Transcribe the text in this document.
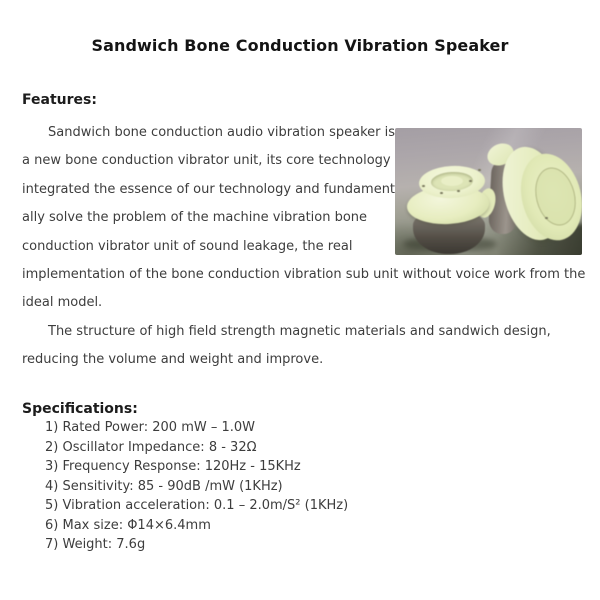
Sandwich Bone Conduction Vibration Speaker
Features:
Sandwich bone conduction audio vibration speaker is
a new bone conduction vibrator unit, its core technology
integrated the essence of our technology and fundament
ally solve the problem of the machine vibration bone
conduction vibrator unit of sound leakage, the real
implementation of the bone conduction vibration sub unit without voice work from the
ideal model.
The structure of high field strength magnetic materials and sandwich design,
reducing the volume and weight and improve.
Specifications:
1) Rated Power: 200 mW – 1.0W
2) Oscillator Impedance: 8 - 32Ω
3) Frequency Response: 120Hz - 15KHz
4) Sensitivity: 85 - 90dB /mW (1KHz)
5) Vibration acceleration: 0.1 – 2.0m/S² (1KHz)
6) Max size: Φ14×6.4mm
7) Weight: 7.6g
